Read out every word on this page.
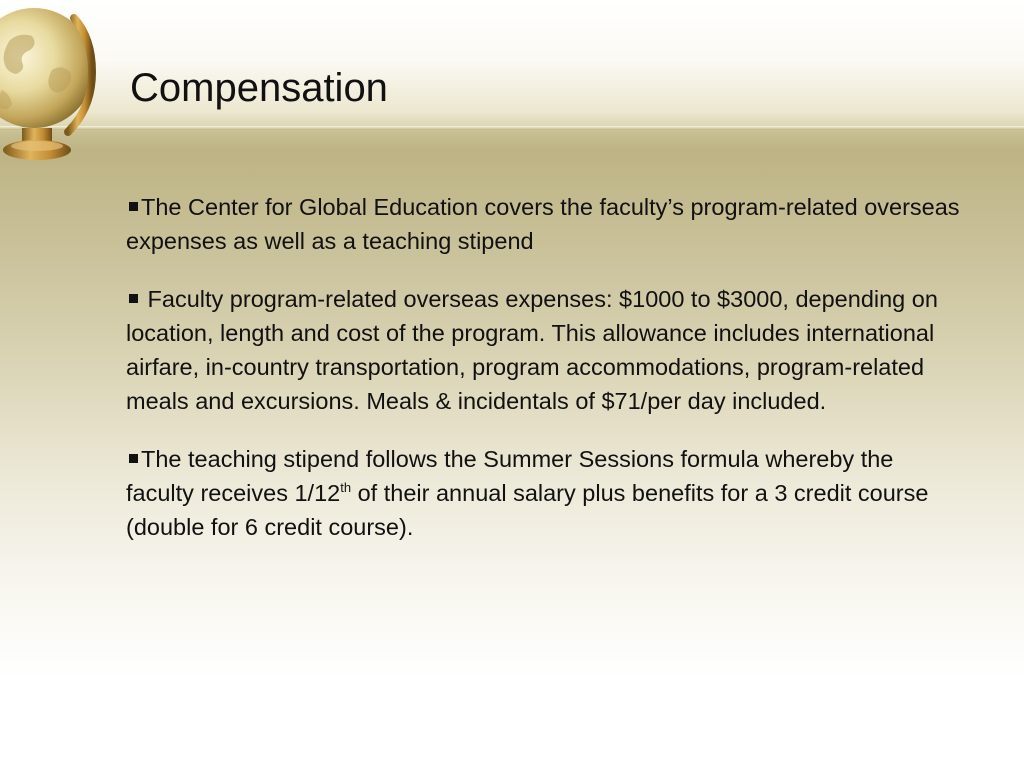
Compensation

The Center for Global Education covers the faculty’s program-related overseas expenses as well as a teaching stipend

Faculty program-related overseas expenses: $1000 to $3000, depending on location, length and cost of the program. This allowance includes international airfare, in-country transportation, program accommodations, program-related meals and excursions. Meals & incidentals of $71/per day included.

The teaching stipend follows the Summer Sessions formula whereby the faculty receives 1/12th of their annual salary plus benefits for a 3 credit course (double for 6 credit course).
